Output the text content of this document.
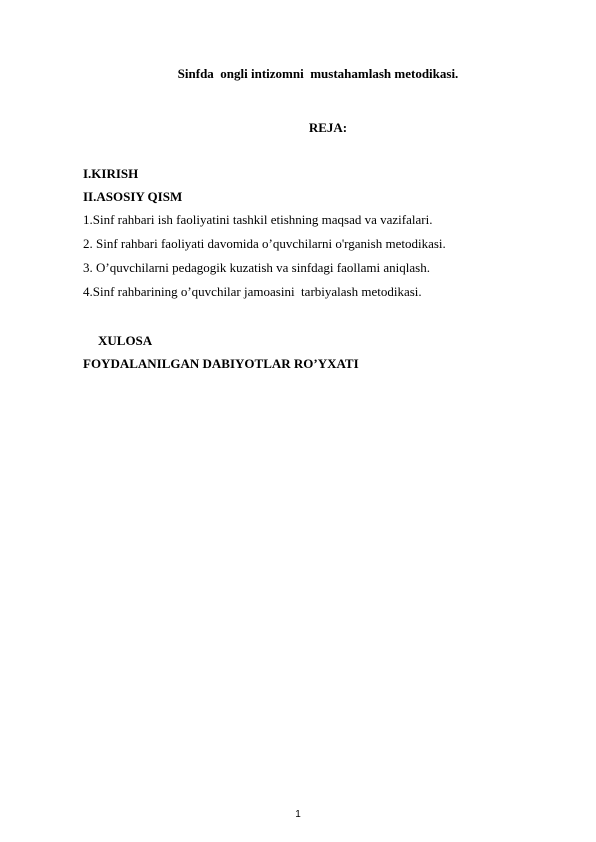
Sinfda  ongli intizomni  mustahamlash metodikasi.
REJA:
I.KIRISH
II.ASOSIY QISM
1.Sinf rahbari ish faoliyatini tashkil etishning maqsad va vazifalari.
2. Sinf rahbari faoliyati davomida o’quvchilarni o'rganish metodikasi.
3. O’quvchilarni pedagogik kuzatish va sinfdagi faollami aniqlash.
4.Sinf rahbarining o’quvchilar jamoasini  tarbiyalash metodikasi.
XULOSA
FOYDALANILGAN DABIYOTLAR RO’YXATI
1
